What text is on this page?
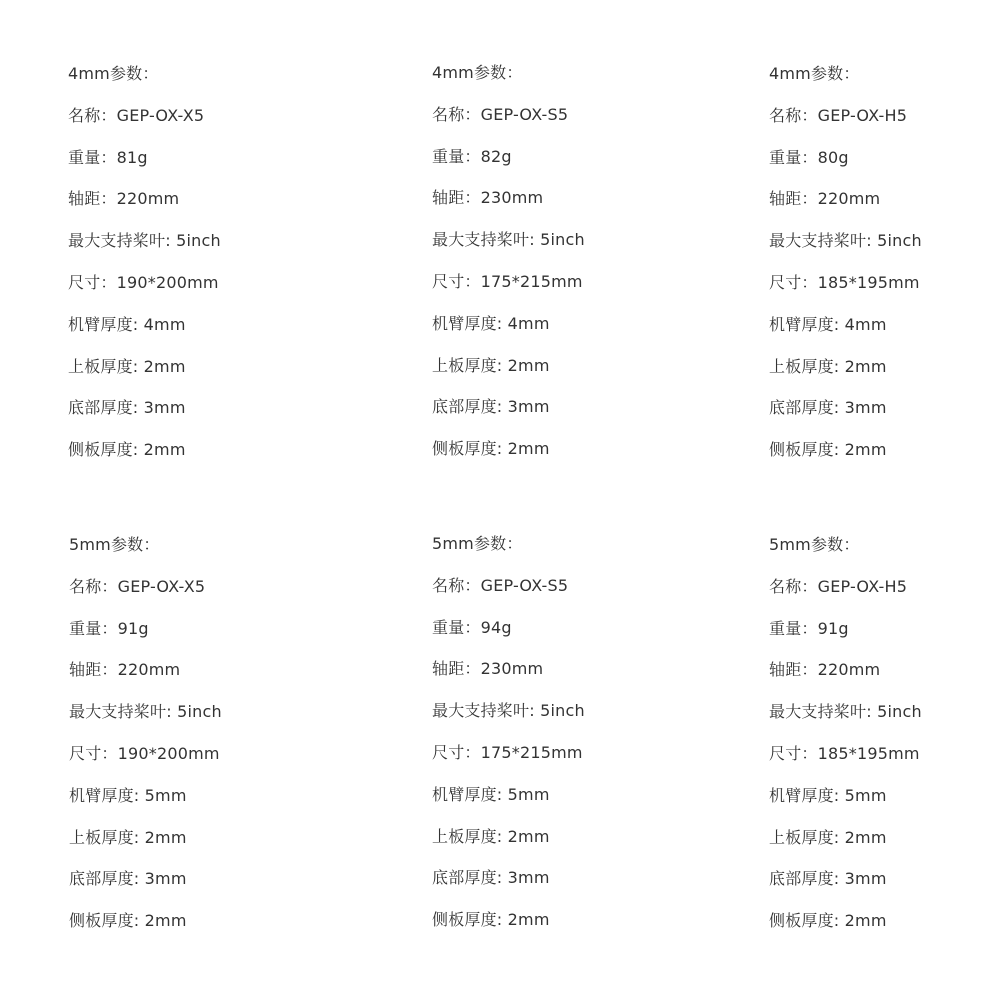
4mm参数：
名称：GEP-OX-X5
重量：81g
轴距：220mm
最大支持桨叶: 5inch
尺寸：190*200mm
机臂厚度: 4mm
上板厚度: 2mm
底部厚度: 3mm
侧板厚度: 2mm
4mm参数：
名称：GEP-OX-S5
重量：82g
轴距：230mm
最大支持桨叶: 5inch
尺寸：175*215mm
机臂厚度: 4mm
上板厚度: 2mm
底部厚度: 3mm
侧板厚度: 2mm
4mm参数：
名称：GEP-OX-H5
重量：80g
轴距：220mm
最大支持桨叶: 5inch
尺寸：185*195mm
机臂厚度: 4mm
上板厚度: 2mm
底部厚度: 3mm
侧板厚度: 2mm
5mm参数：
名称：GEP-OX-X5
重量：91g
轴距：220mm
最大支持桨叶: 5inch
尺寸：190*200mm
机臂厚度: 5mm
上板厚度: 2mm
底部厚度: 3mm
侧板厚度: 2mm
5mm参数：
名称：GEP-OX-S5
重量：94g
轴距：230mm
最大支持桨叶: 5inch
尺寸：175*215mm
机臂厚度: 5mm
上板厚度: 2mm
底部厚度: 3mm
侧板厚度: 2mm
5mm参数：
名称：GEP-OX-H5
重量：91g
轴距：220mm
最大支持桨叶: 5inch
尺寸：185*195mm
机臂厚度: 5mm
上板厚度: 2mm
底部厚度: 3mm
侧板厚度: 2mm
